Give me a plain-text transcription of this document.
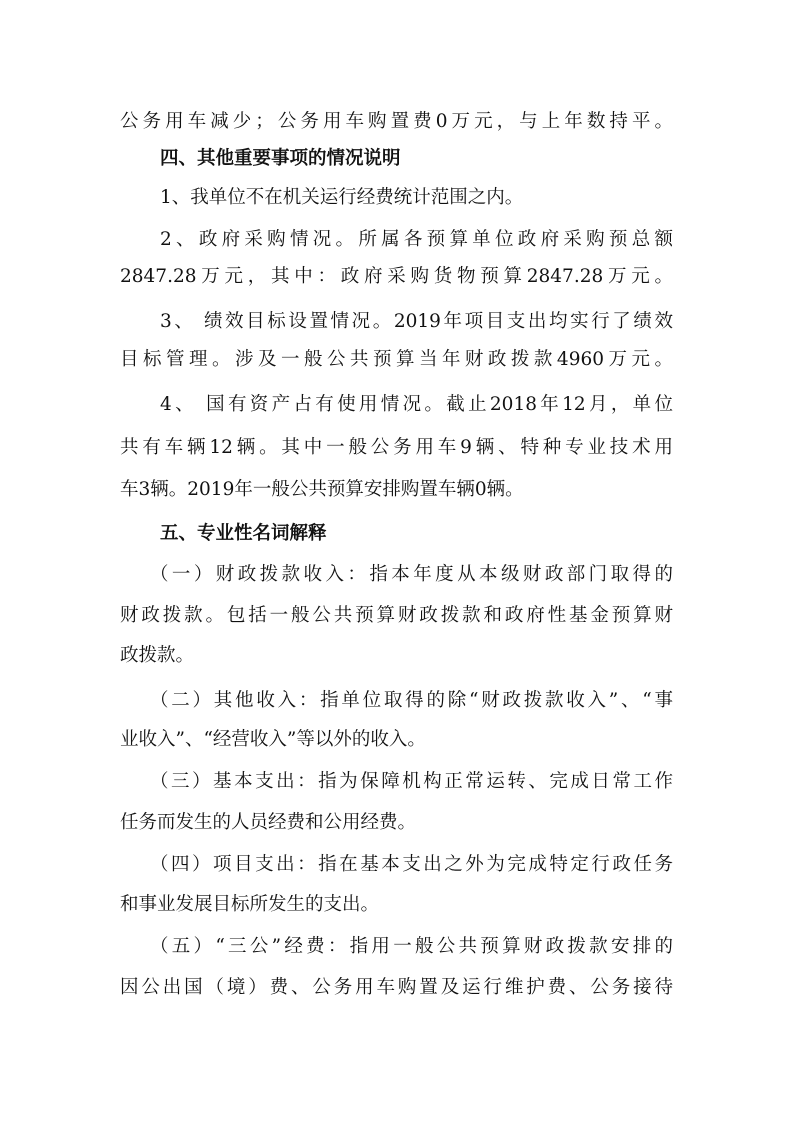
公务用车减少；公务用车购置费0万元，与上年数持平。
四、其他重要事项的情况说明
1、我单位不在机关运行经费统计范围之内。
2、政府采购情况。所属各预算单位政府采购预总额
2847.28万元，其中：政府采购货物预算2847.28万元。
3、 绩效目标设置情况。2019年项目支出均实行了绩效
目标管理。涉及一般公共预算当年财政拨款4960万元。
4、 国有资产占有使用情况。截止2018年12月，单位
共有车辆12辆。其中一般公务用车9辆、特种专业技术用
车3辆。2019年一般公共预算安排购置车辆0辆。
五、专业性名词解释
（一）财政拨款收入：指本年度从本级财政部门取得的
财政拨款。包括一般公共预算财政拨款和政府性基金预算财
政拨款。
（二）其他收入：指单位取得的除“财政拨款收入”、“事
业收入”、“经营收入”等以外的收入。
（三）基本支出：指为保障机构正常运转、完成日常工作
任务而发生的人员经费和公用经费。
（四）项目支出：指在基本支出之外为完成特定行政任务
和事业发展目标所发生的支出。
（五）“三公”经费：指用一般公共预算财政拨款安排的
因公出国（境）费、公务用车购置及运行维护费、公务接待
